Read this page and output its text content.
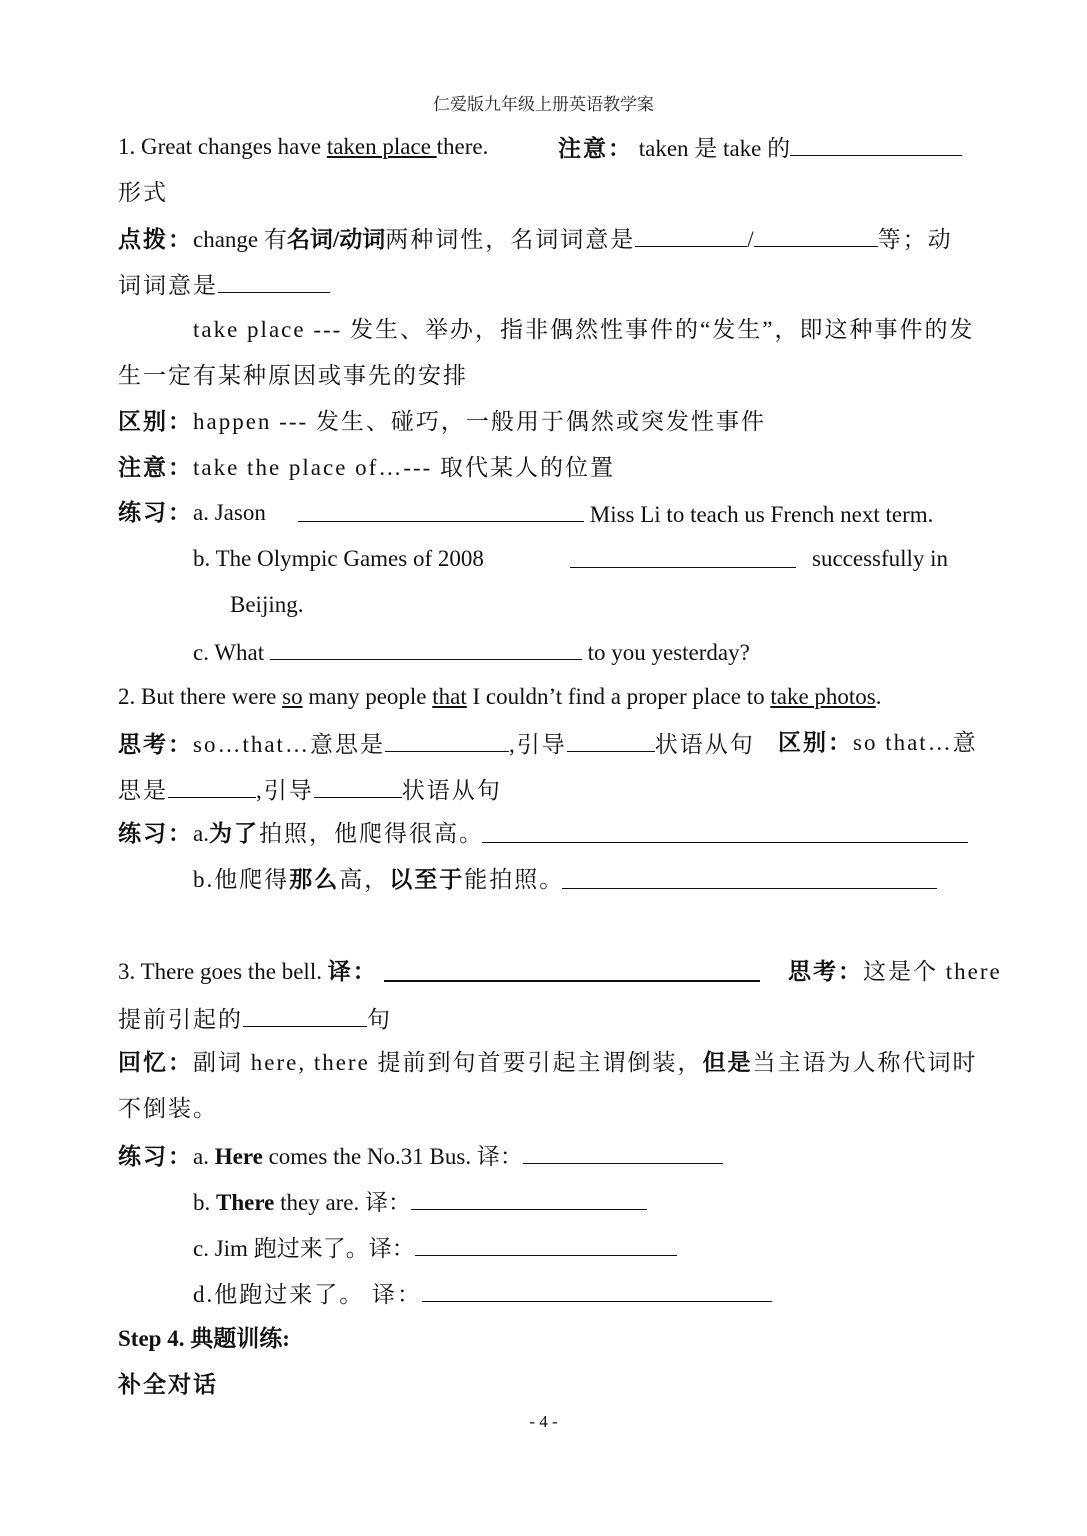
仁爱版九年级上册英语教学案
1. Great changes have taken place there.	注意： taken 是 take 的
形式
点拨：change 有名词/动词两种词性，名词词意是	/	等；动
词词意是
take place --- 发生、举办，指非偶然性事件的“发生”，即这种事件的发
生一定有某种原因或事先的安排
区别：happen --- 发生、碰巧，一般用于偶然或突发性事件
注意：take the place of…--- 取代某人的位置
练习：a. Jason	Miss Li to teach us French next term.
b. The Olympic Games of 2008	successfully in
Beijing.
c. What	to you yesterday?
2. But there were so many people that I couldn’t find a proper place to take photos.
思考：so…that…意思是	,引导	状语从句 区别：so that…意
思是	,引导	状语从句
练习：a.为了拍照，他爬得很高。
b.他爬得那么高，以至于能拍照。
3. There goes the bell. 译：	思考：这是个 there
提前引起的	句
回忆：副词 here, there 提前到句首要引起主谓倒装，但是当主语为人称代词时
不倒装。
练习：a. Here comes the No.31 Bus. 译：
b. There they are. 译：
c. Jim 跑过来了。译：
d.他跑过来了。 译：
Step 4. 典题训练:
补全对话
- 4 -
